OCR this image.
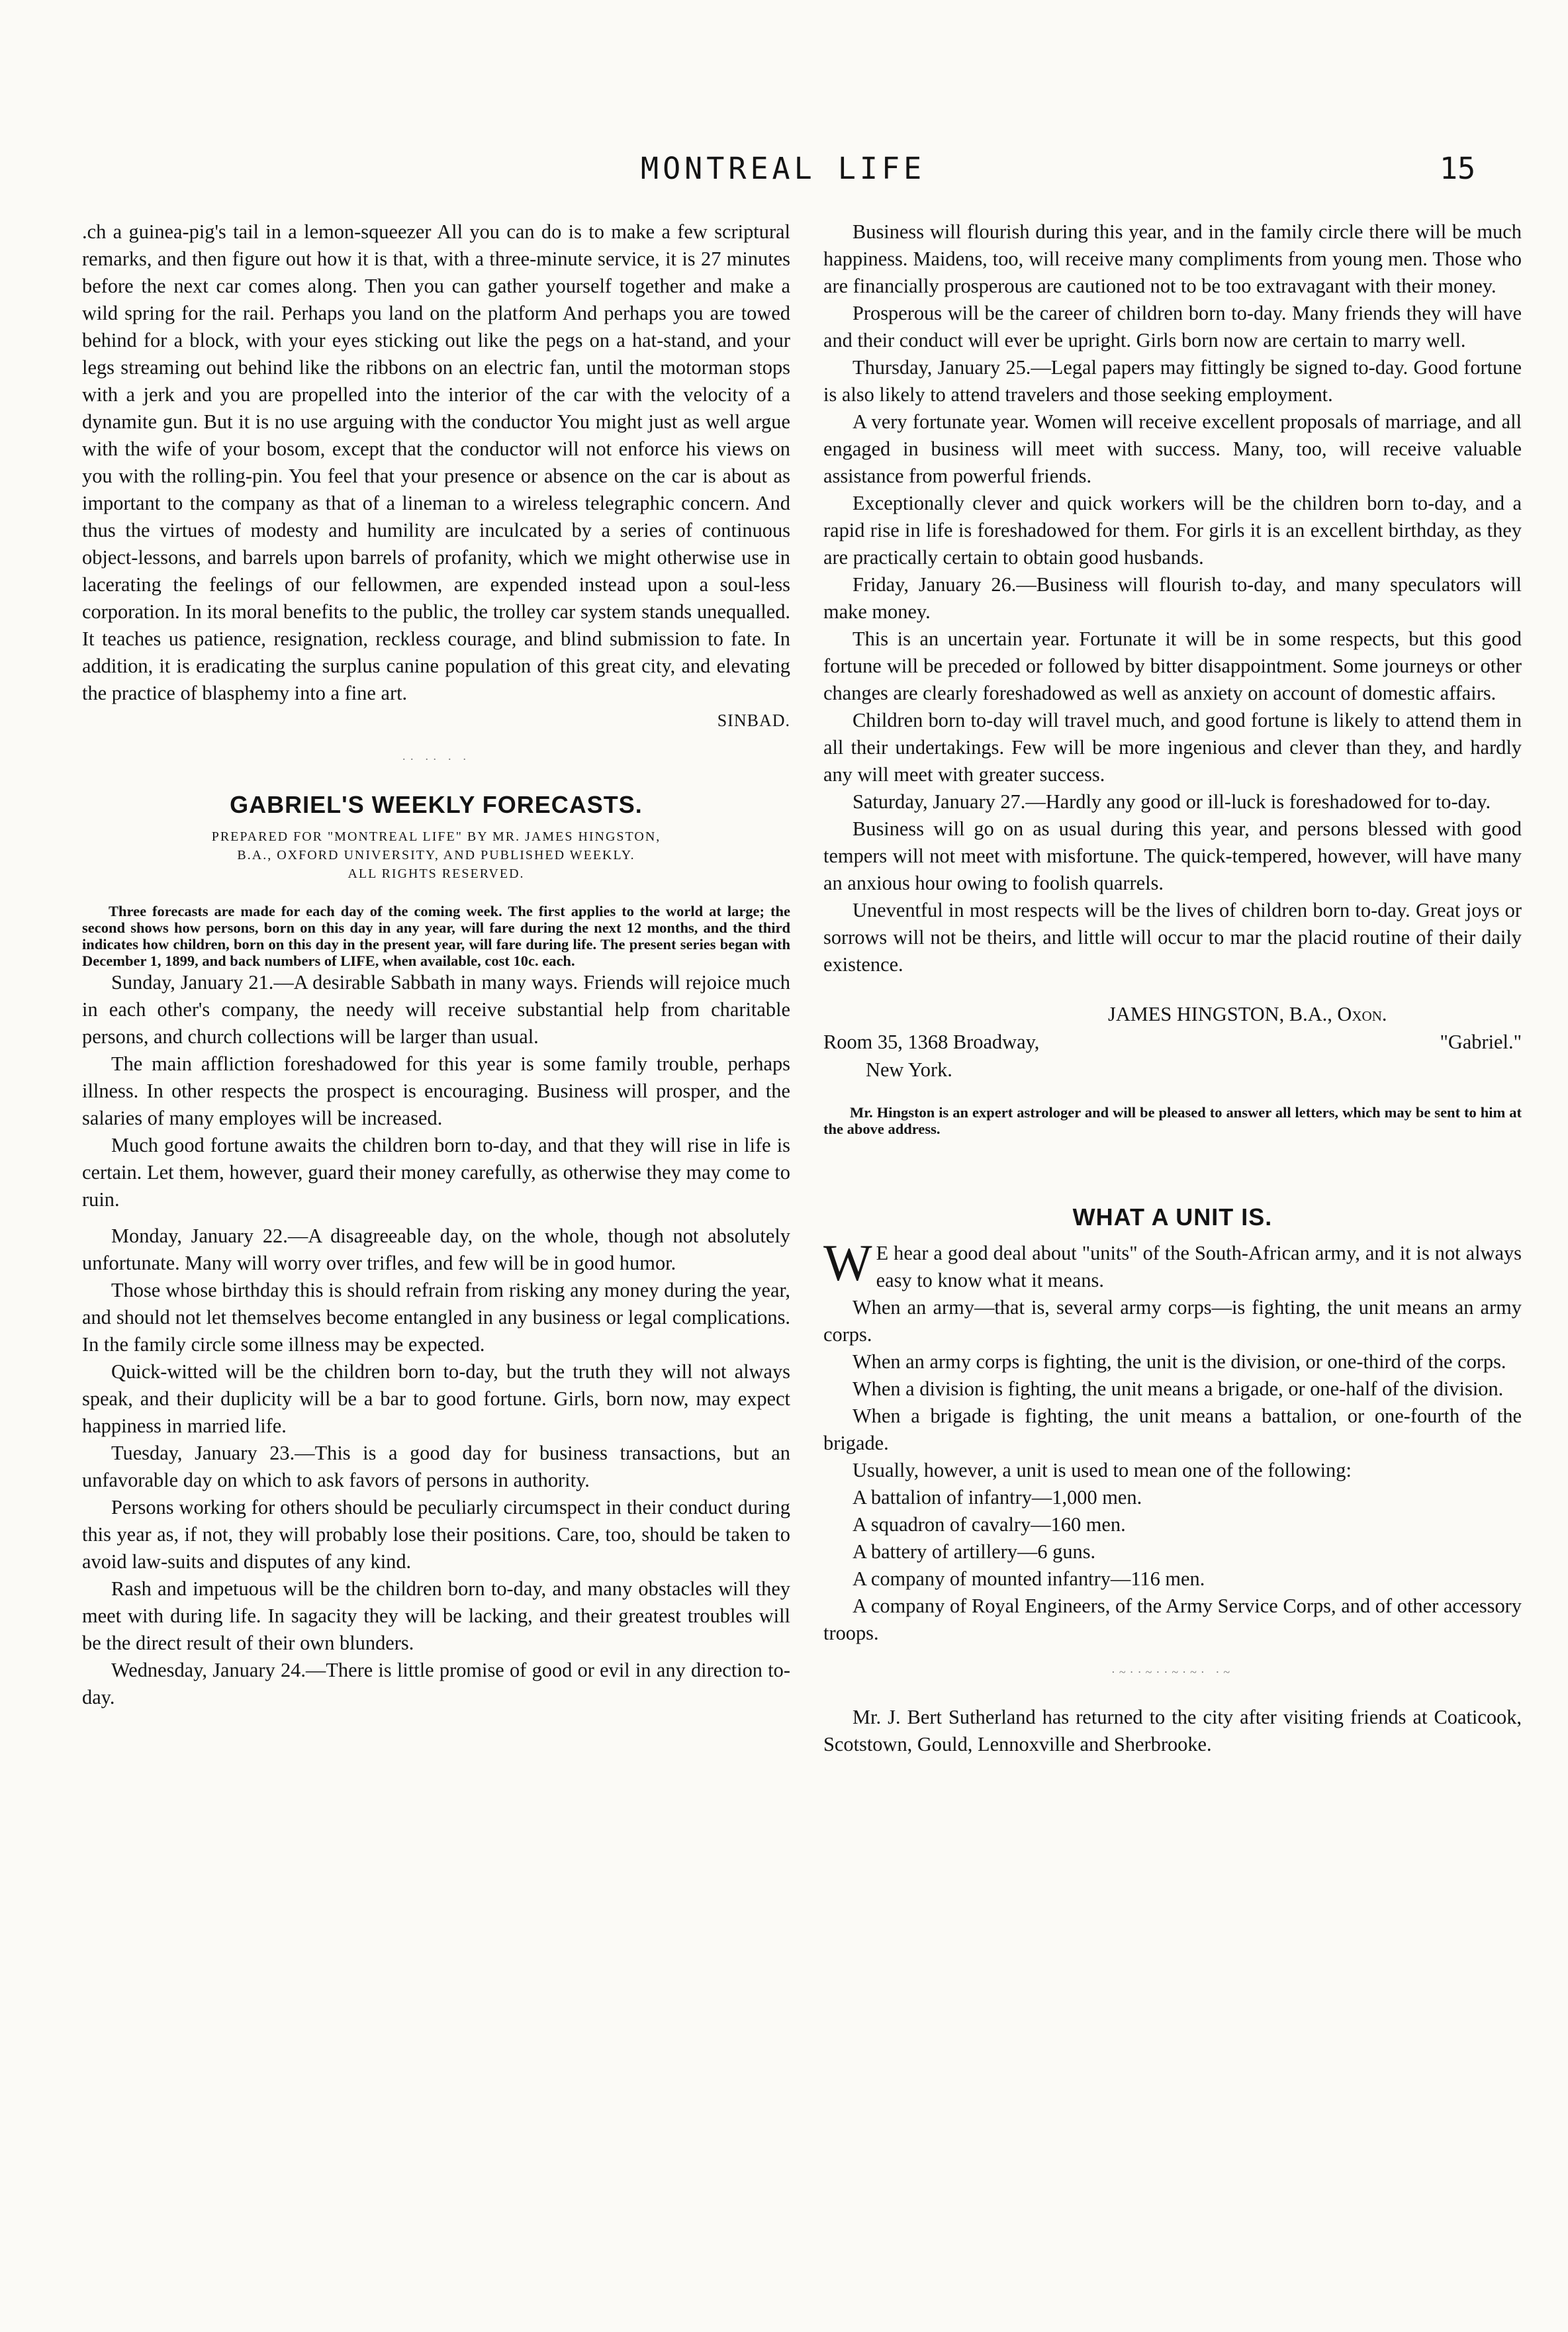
MONTREAL LIFE	15

.ch a guinea-pig's tail in a lemon-squeezer All you can do is to make a few scriptural remarks, and then figure out how it is that, with a three-minute service, it is 27 minutes before the next car comes along. Then you can gather yourself together and make a wild spring for the rail. Perhaps you land on the platform And perhaps you are towed behind for a block, with your eyes sticking out like the pegs on a hat-stand, and your legs streaming out behind like the ribbons on an electric fan, until the motorman stops with a jerk and you are propelled into the interior of the car with the velocity of a dynamite gun. But it is no use arguing with the conductor You might just as well argue with the wife of your bosom, except that the conductor will not enforce his views on you with the rolling-pin. You feel that your presence or absence on the car is about as important to the company as that of a lineman to a wireless telegraphic concern. And thus the virtues of modesty and humility are inculcated by a series of continuous object-lessons, and barrels upon barrels of profanity, which we might otherwise use in lacerating the feelings of our fellowmen, are expended instead upon a soul-less corporation. In its moral benefits to the public, the trolley car system stands unequalled. It teaches us patience, resignation, reckless courage, and blind submission to fate. In addition, it is eradicating the surplus canine population of this great city, and elevating the practice of blasphemy into a fine art.

SINBAD.

·· ·· · ·
GABRIEL'S WEEKLY FORECASTS.
PREPARED FOR "MONTREAL LIFE" BY MR. JAMES HINGSTON,
B.A., OXFORD UNIVERSITY, AND PUBLISHED WEEKLY.
ALL RIGHTS RESERVED.

Three forecasts are made for each day of the coming week. The first applies to the world at large; the second shows how persons, born on this day in any year, will fare during the next 12 months, and the third indicates how children, born on this day in the present year, will fare during life. The present series began with December 1, 1899, and back numbers of LIFE, when available, cost 10c. each.

Sunday, January 21.—A desirable Sabbath in many ways. Friends will rejoice much in each other's company, the needy will receive substantial help from charitable persons, and church collections will be larger than usual.

The main affliction foreshadowed for this year is some family trouble, perhaps illness. In other respects the prospect is encouraging. Business will prosper, and the salaries of many employes will be increased.

Much good fortune awaits the children born to-day, and that they will rise in life is certain. Let them, however, guard their money carefully, as otherwise they may come to ruin.

Monday, January 22.—A disagreeable day, on the whole, though not absolutely unfortunate. Many will worry over trifles, and few will be in good humor.

Those whose birthday this is should refrain from risking any money during the year, and should not let themselves become entangled in any business or legal complications. In the family circle some illness may be expected.

Quick-witted will be the children born to-day, but the truth they will not always speak, and their duplicity will be a bar to good fortune. Girls, born now, may expect happiness in married life.

Tuesday, January 23.—This is a good day for business transactions, but an unfavorable day on which to ask favors of persons in authority.

Persons working for others should be peculiarly circumspect in their conduct during this year as, if not, they will probably lose their positions. Care, too, should be taken to avoid law-suits and disputes of any kind.

Rash and impetuous will be the children born to-day, and many obstacles will they meet with during life. In sagacity they will be lacking, and their greatest troubles will be the direct result of their own blunders.

Wednesday, January 24.—There is little promise of good or evil in any direction to-day.

Business will flourish during this year, and in the family circle there will be much happiness. Maidens, too, will receive many compliments from young men. Those who are financially prosperous are cautioned not to be too extravagant with their money.

Prosperous will be the career of children born to-day. Many friends they will have and their conduct will ever be upright. Girls born now are certain to marry well.

Thursday, January 25.—Legal papers may fittingly be signed to-day. Good fortune is also likely to attend travelers and those seeking employment.

A very fortunate year. Women will receive excellent proposals of marriage, and all engaged in business will meet with success. Many, too, will receive valuable assistance from powerful friends.

Exceptionally clever and quick workers will be the children born to-day, and a rapid rise in life is foreshadowed for them. For girls it is an excellent birthday, as they are practically certain to obtain good husbands.

Friday, January 26.—Business will flourish to-day, and many speculators will make money.

This is an uncertain year. Fortunate it will be in some respects, but this good fortune will be preceded or followed by bitter disappointment. Some journeys or other changes are clearly foreshadowed as well as anxiety on account of domestic affairs.

Children born to-day will travel much, and good fortune is likely to attend them in all their undertakings. Few will be more ingenious and clever than they, and hardly any will meet with greater success.

Saturday, January 27.—Hardly any good or ill-luck is foreshadowed for to-day.

Business will go on as usual during this year, and persons blessed with good tempers will not meet with misfortune. The quick-tempered, however, will have many an anxious hour owing to foolish quarrels.

Uneventful in most respects will be the lives of children born to-day. Great joys or sorrows will not be theirs, and little will occur to mar the placid routine of their daily existence.

JAMES HINGSTON, B.A., Oxon.
Room 35, 1368 Broadway,	"Gabriel."
New York.

Mr. Hingston is an expert astrologer and will be pleased to answer all letters, which may be sent to him at the above address.

WHAT A UNIT IS.

W E hear a good deal about "units" of the South-African army, and it is not always easy to know what it means.

When an army—that is, several army corps—is fighting, the unit means an army corps.

When an army corps is fighting, the unit is the division, or one-third of the corps.

When a division is fighting, the unit means a brigade, or one-half of the division.

When a brigade is fighting, the unit means a battalion, or one-fourth of the brigade.

Usually, however, a unit is used to mean one of the following:

A battalion of infantry—1,000 men.

A squadron of cavalry—160 men.

A battery of artillery—6 guns.

A company of mounted infantry—116 men.

A company of Royal Engineers, of the Army Service Corps, and of other accessory troops.

·~··~··~·~· ·~

Mr. J. Bert Sutherland has returned to the city after visiting friends at Coaticook, Scotstown, Gould, Lennoxville and Sherbrooke.
